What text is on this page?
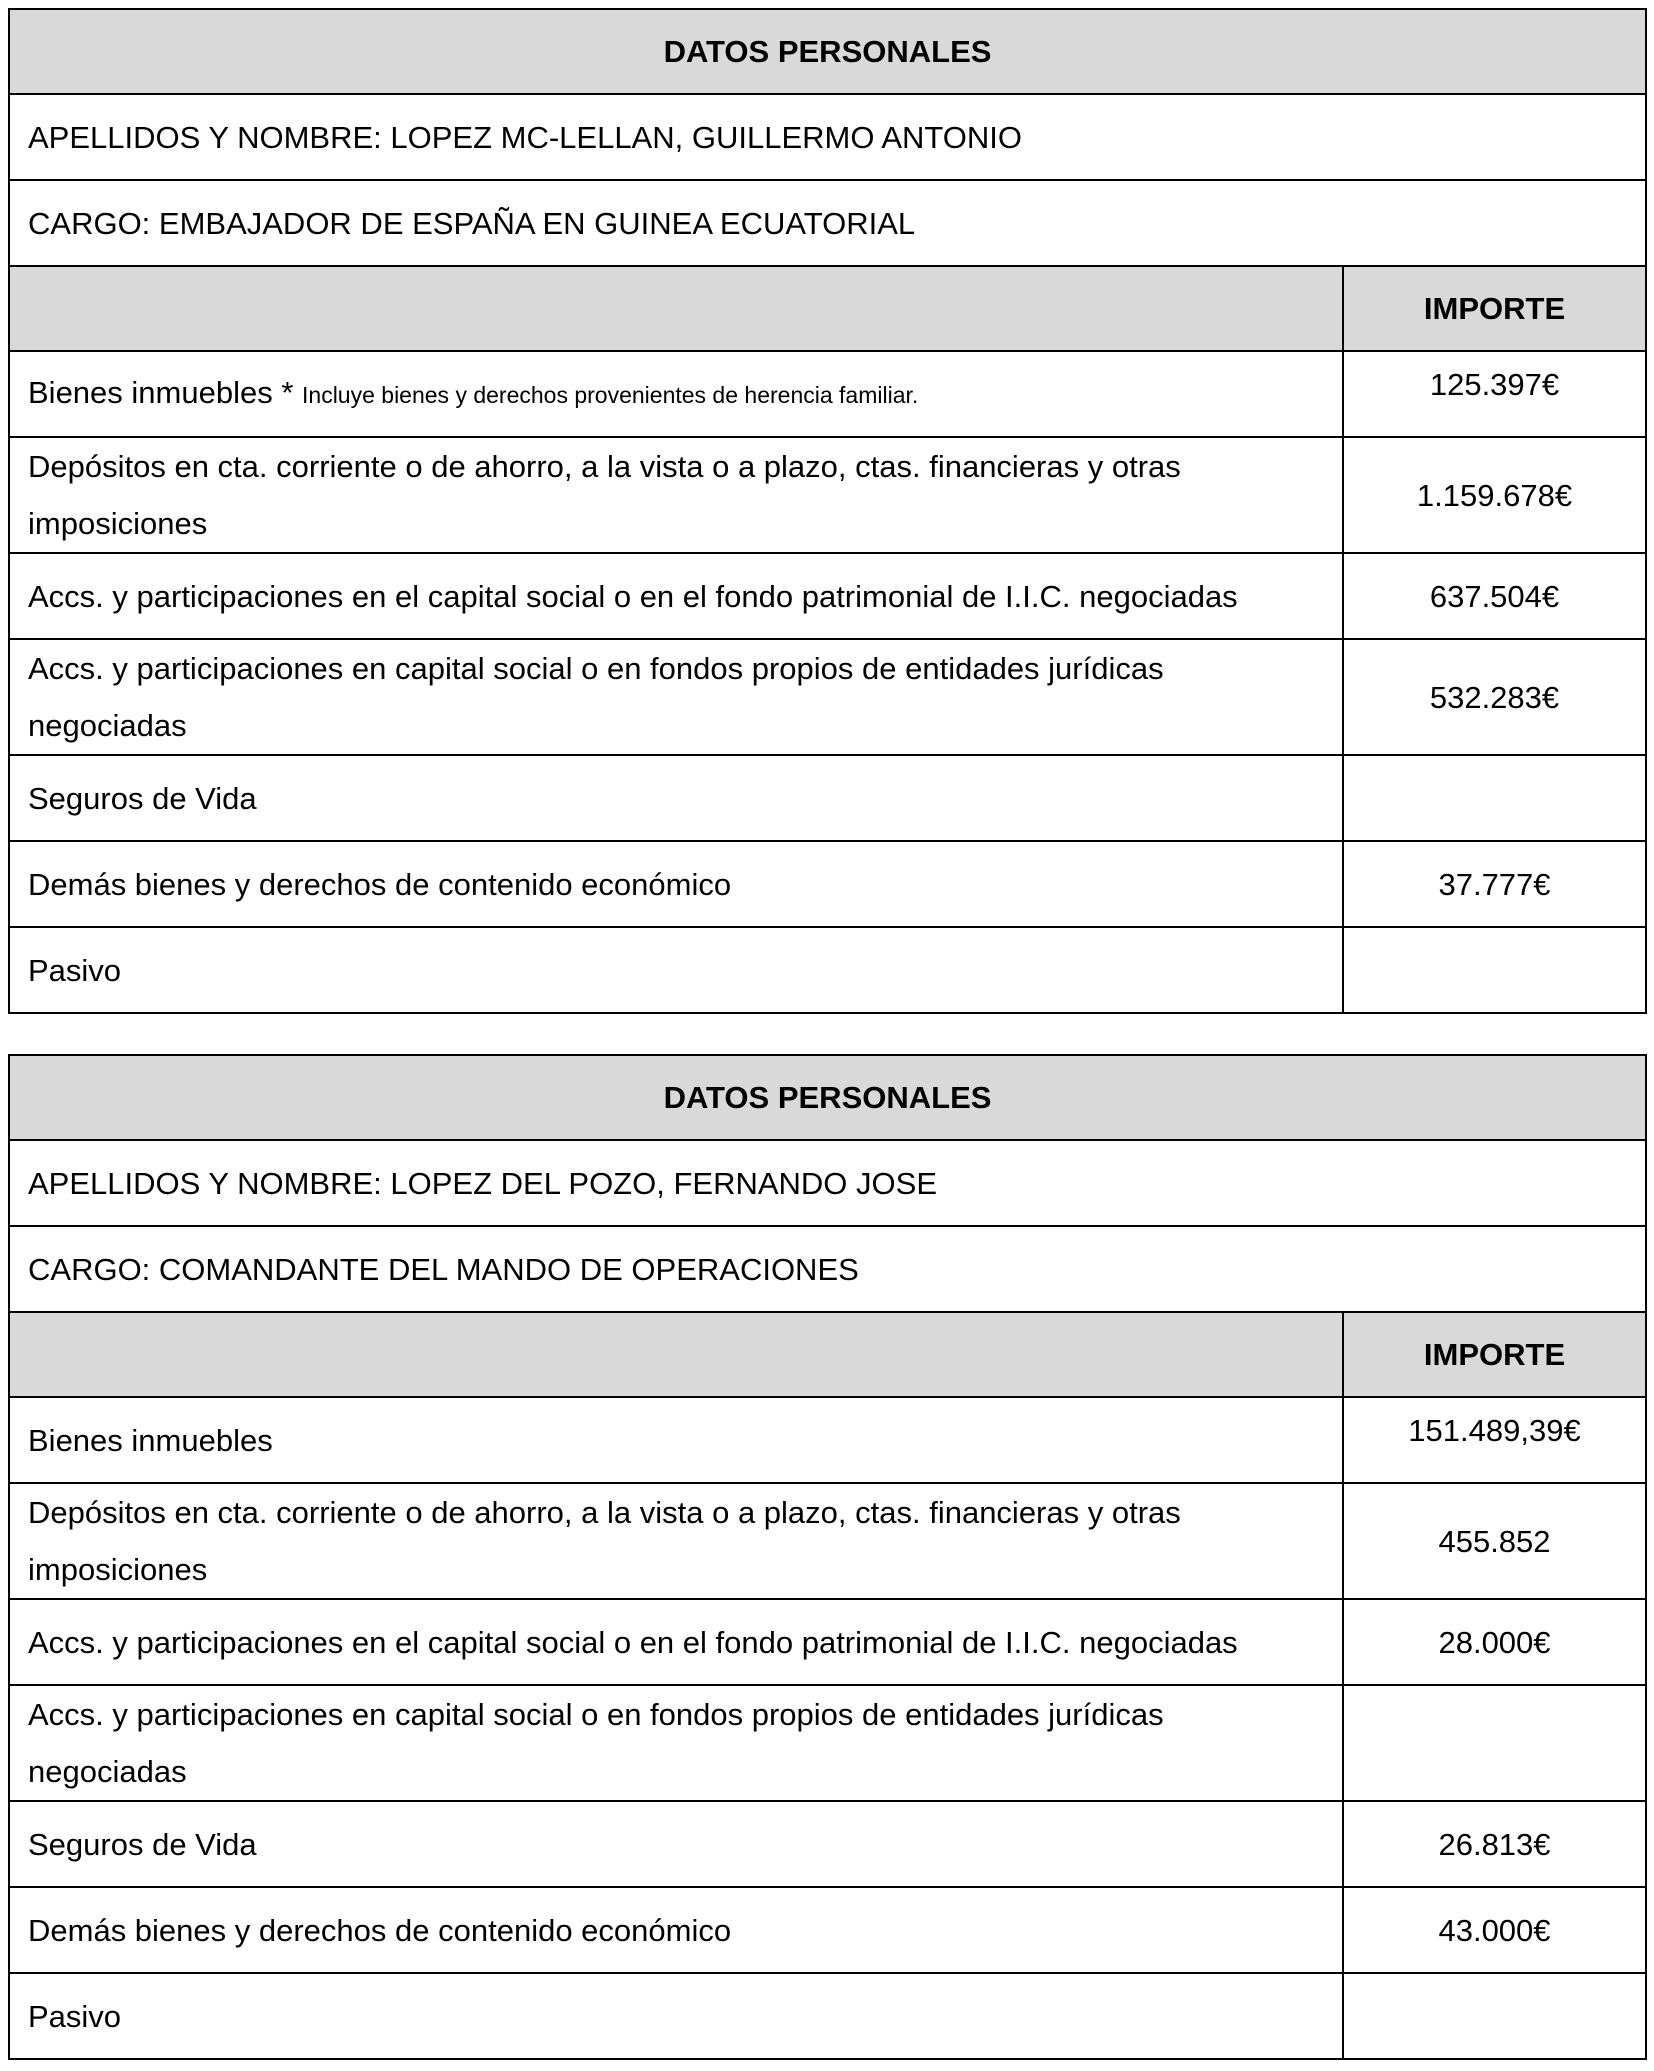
DATOS PERSONALES	
APELLIDOS Y NOMBRE: LOPEZ MC-LELLAN, GUILLERMO ANTONIO	
CARGO: EMBAJADOR DE ESPAÑA EN GUINEA ECUATORIAL	
	IMPORTE
Bienes inmuebles * Incluye bienes y derechos provenientes de herencia familiar.	125.397€
Depósitos en cta. corriente o de ahorro, a la vista o a plazo, ctas. financieras y otras imposiciones	1.159.678€
Accs. y participaciones en el capital social o en el fondo patrimonial de I.I.C. negociadas	637.504€
Accs. y participaciones en capital social o en fondos propios de entidades jurídicas negociadas	532.283€
Seguros de Vida	
Demás bienes y derechos de contenido económico	37.777€
Pasivo	
DATOS PERSONALES	
APELLIDOS Y NOMBRE: LOPEZ DEL POZO, FERNANDO JOSE	
CARGO: COMANDANTE DEL MANDO DE OPERACIONES	
	IMPORTE
Bienes inmuebles	151.489,39€
Depósitos en cta. corriente o de ahorro, a la vista o a plazo, ctas. financieras y otras imposiciones	455.852
Accs. y participaciones en el capital social o en el fondo patrimonial de I.I.C. negociadas	28.000€
Accs. y participaciones en capital social o en fondos propios de entidades jurídicas negociadas	
Seguros de Vida	26.813€
Demás bienes y derechos de contenido económico	43.000€
Pasivo	
